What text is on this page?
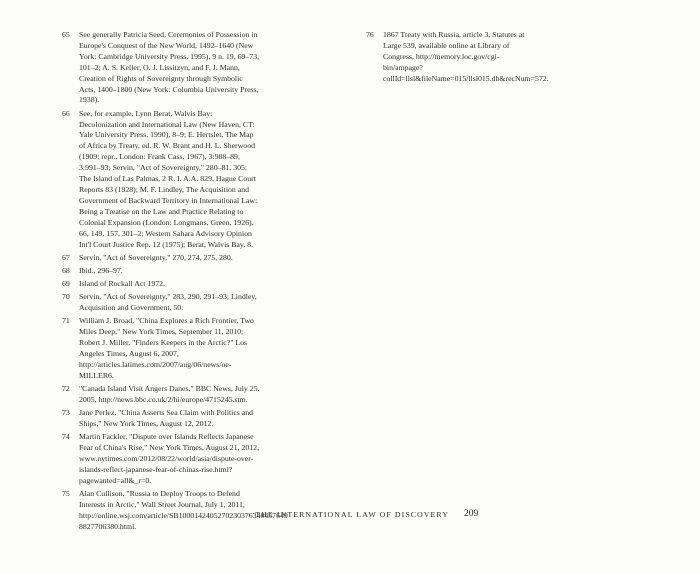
65 See generally Patricia Seed, Ceremonies of Possession in Europe's Conquest of the New World, 1492–1640 (New York: Cambridge University Press, 1995), 9 n. 19, 69–73, 101–2; A. S. Keller, O. J. Lissitzyn, and F. J. Mann, Creation of Rights of Sovereignty through Symbolic Acts, 1400–1800 (New York: Columbia University Press, 1938).
66 See, for example, Lynn Berat, Walvis Bay: Decolonization and International Law (New Haven, CT: Yale University Press, 1990), 8–9; E. Hertslet, The Map of Africa by Treaty, ed. R. W. Brant and H. L. Sherwood (1909; repr., London: Frank Cass, 1967), 3:988–89, 3:991–93; Servin, "Act of Sovereignty," 280–81, 305; The Island of Las Palmas, 2 R. I. A.A. 829, Hague Court Reports 83 (1928); M. F. Lindley, The Acquisition and Government of Backward Territory in International Law: Being a Treatise on the Law and Practice Relating to Colonial Expansion (London: Longmans, Green, 1926), 66, 149, 157, 301–2; Western Sahara Advisory Opinion Int'l Court Justice Rep. 12 (1975); Berat, Walvis Bay, 8.
67 Servin, "Act of Sovereignty," 270, 274, 275, 280.
68 Ibid., 296–97.
69 Island of Rockall Act 1972.
70 Servin, "Act of Sovereignty," 283, 290, 291–93; Lindley, Acquisition and Government, 50.
71 William J. Broad, "China Explores a Rich Frontier, Two Miles Deep," New York Times, September 11, 2010; Robert J. Miller, "Finders Keepers in the Arctic?" Los Angeles Times, August 6, 2007, http://articles.latimes.com/2007/aug/06/news/oe-MILLER6.
72 "Canada Island Visit Angers Danes," BBC News, July 25, 2005, http://news.bbc.co.uk/2/hi/europe/4715245.stm.
73 Jane Perlez, "China Asserts Sea Claim with Politics and Ships," New York Times, August 12, 2012.
74 Martin Fackler, "Dispute over Islands Reflects Japanese Fear of China's Rise," New York Times, August 21, 2012, www.nytimes.com/2012/08/22/world/asia/dispute-over-islands-reflect-japanese-fear-of-chinas-rise.html?pagewanted=all&_r=0.
75 Alan Cullison, "Russia to Deploy Troops to Defend Interests in Arctic," Wall Street Journal, July 1, 2011, http://online.wsj.com/article/SB1000142405270230376340457649 8827706380.html.
76 1867 Treaty with Russia, article 3, Statutes at Large 539, available online at Library of Congress, http://memory.loc.gov/cgi-bin/ampage?collId=llsl&fileName=015/llsl015.db&recNum=572.
THE INTERNATIONAL LAW OF DISCOVERY 209
